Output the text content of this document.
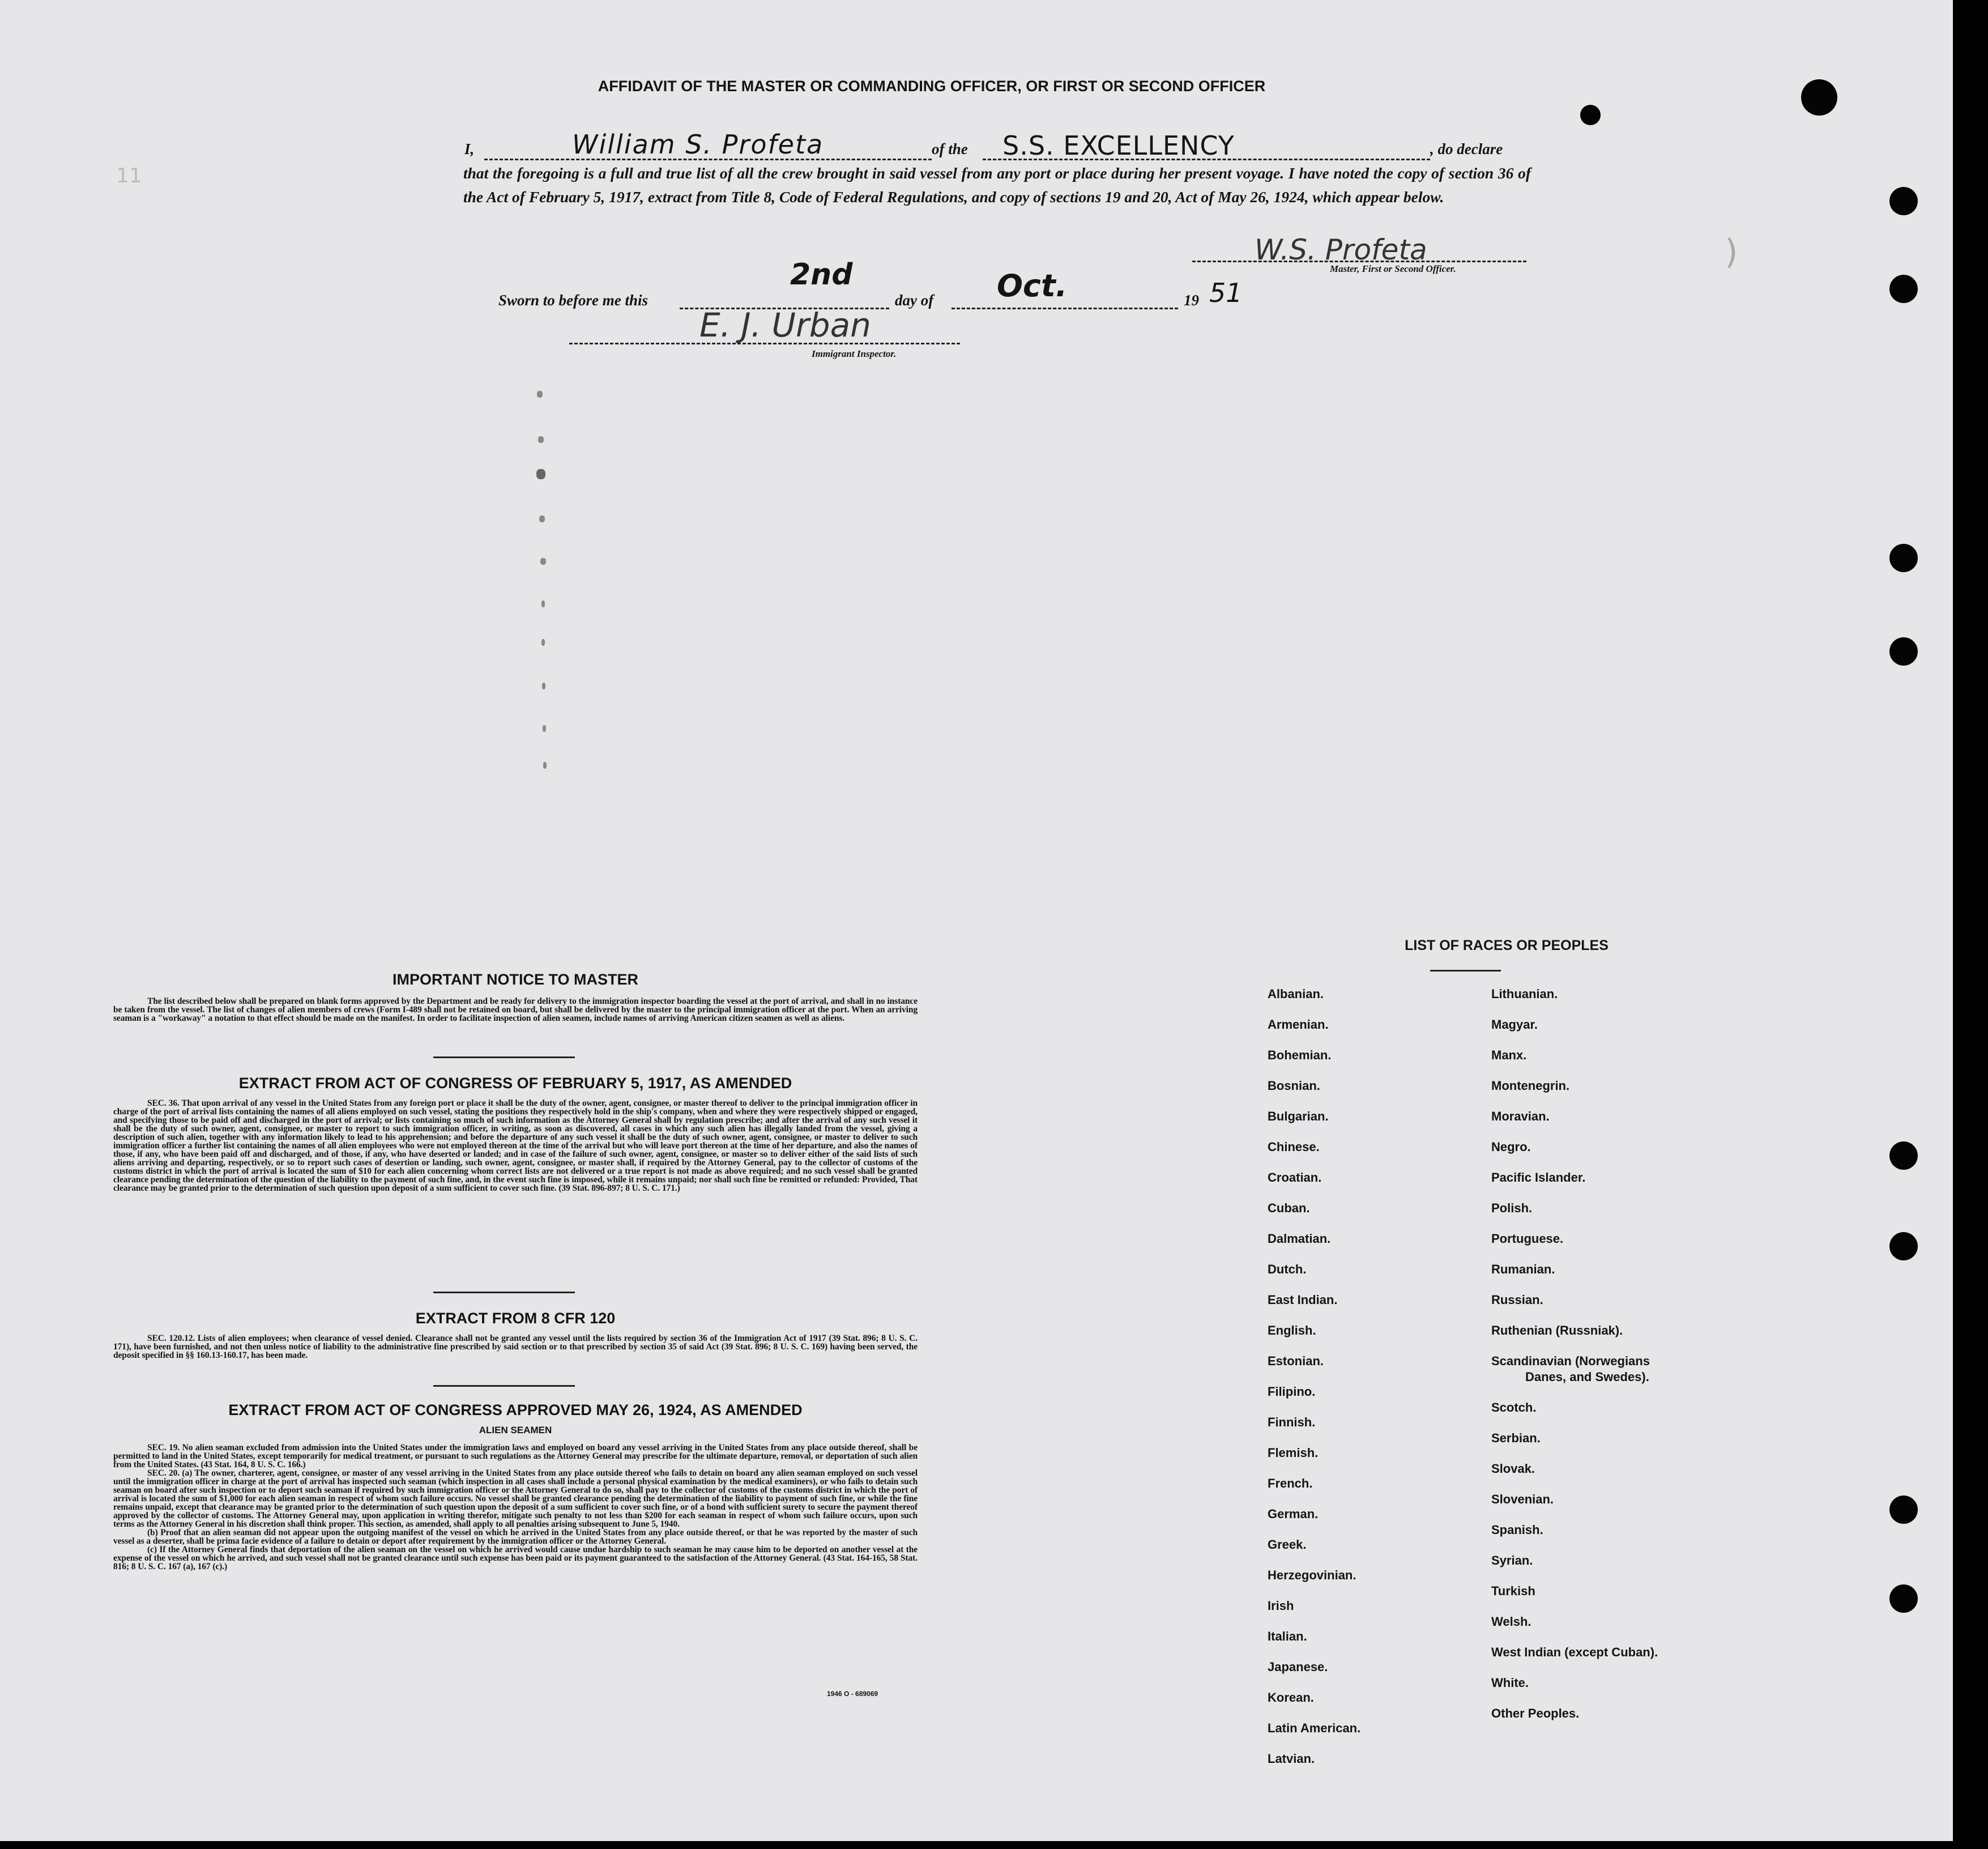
AFFIDAVIT OF THE MASTER OR COMMANDING OFFICER, OR FIRST OR SECOND OFFICER
11
I,	William S. Profeta	of the S.S. EXCELLENCY	, do declare
that the foregoing is a full and true list of all the crew brought in said vessel from any port or place during her present voyage. I have noted the copy of section 36 of the Act of February 5, 1917, extract from Title 8, Code of Federal Regulations, and copy of sections 19 and 20, Act of May 26, 1924, which appear below.
W.S. Profeta
Master, First or Second Officer.	)
Sworn to before me this
2nd
day of Oct.	19 51
E. J. Urban
Immigrant Inspector.
IMPORTANT NOTICE TO MASTER

The list described below shall be prepared on blank forms approved by the Department and be ready for delivery to the immigration inspector boarding the vessel at the port of arrival, and shall in no instance be taken from the vessel. The list of changes of alien members of crews (Form I-489 shall not be retained on board, but shall be delivered by the master to the principal immigration officer at the port. When an arriving seaman is a "workaway" a notation to that effect should be made on the manifest. In order to facilitate inspection of alien seamen, include names of arriving American citizen seamen as well as aliens.

EXTRACT FROM ACT OF CONGRESS OF FEBRUARY 5, 1917, AS AMENDED

SEC. 36. That upon arrival of any vessel in the United States from any foreign port or place it shall be the duty of the owner, agent, consignee, or master thereof to deliver to the principal immigration officer in charge of the port of arrival lists containing the names of all aliens employed on such vessel, stating the positions they respectively hold in the ship's company, when and where they were respectively shipped or engaged, and specifying those to be paid off and discharged in the port of arrival; or lists containing so much of such information as the Attorney General shall by regulation prescribe; and after the arrival of any such vessel it shall be the duty of such owner, agent, consignee, or master to report to such immigration officer, in writing, as soon as discovered, all cases in which any such alien has illegally landed from the vessel, giving a description of such alien, together with any information likely to lead to his apprehension; and before the departure of any such vessel it shall be the duty of such owner, agent, consignee, or master to deliver to such immigration officer a further list containing the names of all alien employees who were not employed thereon at the time of the arrival but who will leave port thereon at the time of her departure, and also the names of those, if any, who have been paid off and discharged, and of those, if any, who have deserted or landed; and in case of the failure of such owner, agent, consignee, or master so to deliver either of the said lists of such aliens arriving and departing, respectively, or so to report such cases of desertion or landing, such owner, agent, consignee, or master shall, if required by the Attorney General, pay to the collector of customs of the customs district in which the port of arrival is located the sum of $10 for each alien concerning whom correct lists are not delivered or a true report is not made as above required; and no such vessel shall be granted clearance pending the determination of the question of the liability to the payment of such fine, and, in the event such fine is imposed, while it remains unpaid; nor shall such fine be remitted or refunded: Provided, That clearance may be granted prior to the determination of such question upon deposit of a sum sufficient to cover such fine. (39 Stat. 896-897; 8 U. S. C. 171.)

EXTRACT FROM 8 CFR 120

SEC. 120.12. Lists of alien employees; when clearance of vessel denied. Clearance shall not be granted any vessel until the lists required by section 36 of the Immigration Act of 1917 (39 Stat. 896; 8 U. S. C. 171), have been furnished, and not then unless notice of liability to the administrative fine prescribed by said section or to that prescribed by section 35 of said Act (39 Stat. 896; 8 U. S. C. 169) having been served, the deposit specified in §§ 160.13-160.17, has been made.

EXTRACT FROM ACT OF CONGRESS APPROVED MAY 26, 1924, AS AMENDED
ALIEN SEAMEN

SEC. 19. No alien seaman excluded from admission into the United States under the immigration laws and employed on board any vessel arriving in the United States from any place outside thereof, shall be permitted to land in the United States, except temporarily for medical treatment, or pursuant to such regulations as the Attorney General may prescribe for the ultimate departure, removal, or deportation of such alien from the United States. (43 Stat. 164, 8 U. S. C. 166.)

SEC. 20. (a) The owner, charterer, agent, consignee, or master of any vessel arriving in the United States from any place outside thereof who fails to detain on board any alien seaman employed on such vessel until the immigration officer in charge at the port of arrival has inspected such seaman (which inspection in all cases shall include a personal physical examination by the medical examiners), or who fails to detain such seaman on board after such inspection or to deport such seaman if required by such immigration officer or the Attorney General to do so, shall pay to the collector of customs of the customs district in which the port of arrival is located the sum of $1,000 for each alien seaman in respect of whom such failure occurs. No vessel shall be granted clearance pending the determination of the liability to payment of such fine, or while the fine remains unpaid, except that clearance may be granted prior to the determination of such question upon the deposit of a sum sufficient to cover such fine, or of a bond with sufficient surety to secure the payment thereof approved by the collector of customs. The Attorney General may, upon application in writing therefor, mitigate such penalty to not less than $200 for each seaman in respect of whom such failure occurs, upon such terms as the Attorney General in his discretion shall think proper. This section, as amended, shall apply to all penalties arising subsequent to June 5, 1940.

(b) Proof that an alien seaman did not appear upon the outgoing manifest of the vessel on which he arrived in the United States from any place outside thereof, or that he was reported by the master of such vessel as a deserter, shall be prima facie evidence of a failure to detain or deport after requirement by the immigration officer or the Attorney General.

(c) If the Attorney General finds that deportation of the alien seaman on the vessel on which he arrived would cause undue hardship to such seaman he may cause him to be deported on another vessel at the expense of the vessel on which he arrived, and such vessel shall not be granted clearance until such expense has been paid or its payment guaranteed to the satisfaction of the Attorney General. (43 Stat. 164-165, 58 Stat. 816; 8 U. S. C. 167 (a), 167 (c).)

1946 O - 689069
LIST OF RACES OR PEOPLES
Albanian.
Armenian.
Bohemian.
Bosnian.
Bulgarian.
Chinese.
Croatian.
Cuban.
Dalmatian.
Dutch.
East Indian.
English.
Estonian.
Filipino.
Finnish.
Flemish.
French.
German.
Greek.
Herzegovinian.
Irish
Italian.
Japanese.
Korean.
Latin American.
Latvian.
Lithuanian.
Magyar.
Manx.
Montenegrin.
Moravian.
Negro.
Pacific Islander.
Polish.
Portuguese.
Rumanian.
Russian.
Ruthenian (Russniak).
Scandinavian (Norwegians
Danes, and Swedes).
Scotch.
Serbian.
Slovak.
Slovenian.
Spanish.
Syrian.
Turkish
Welsh.
West Indian (except Cuban).
White.
Other Peoples.
